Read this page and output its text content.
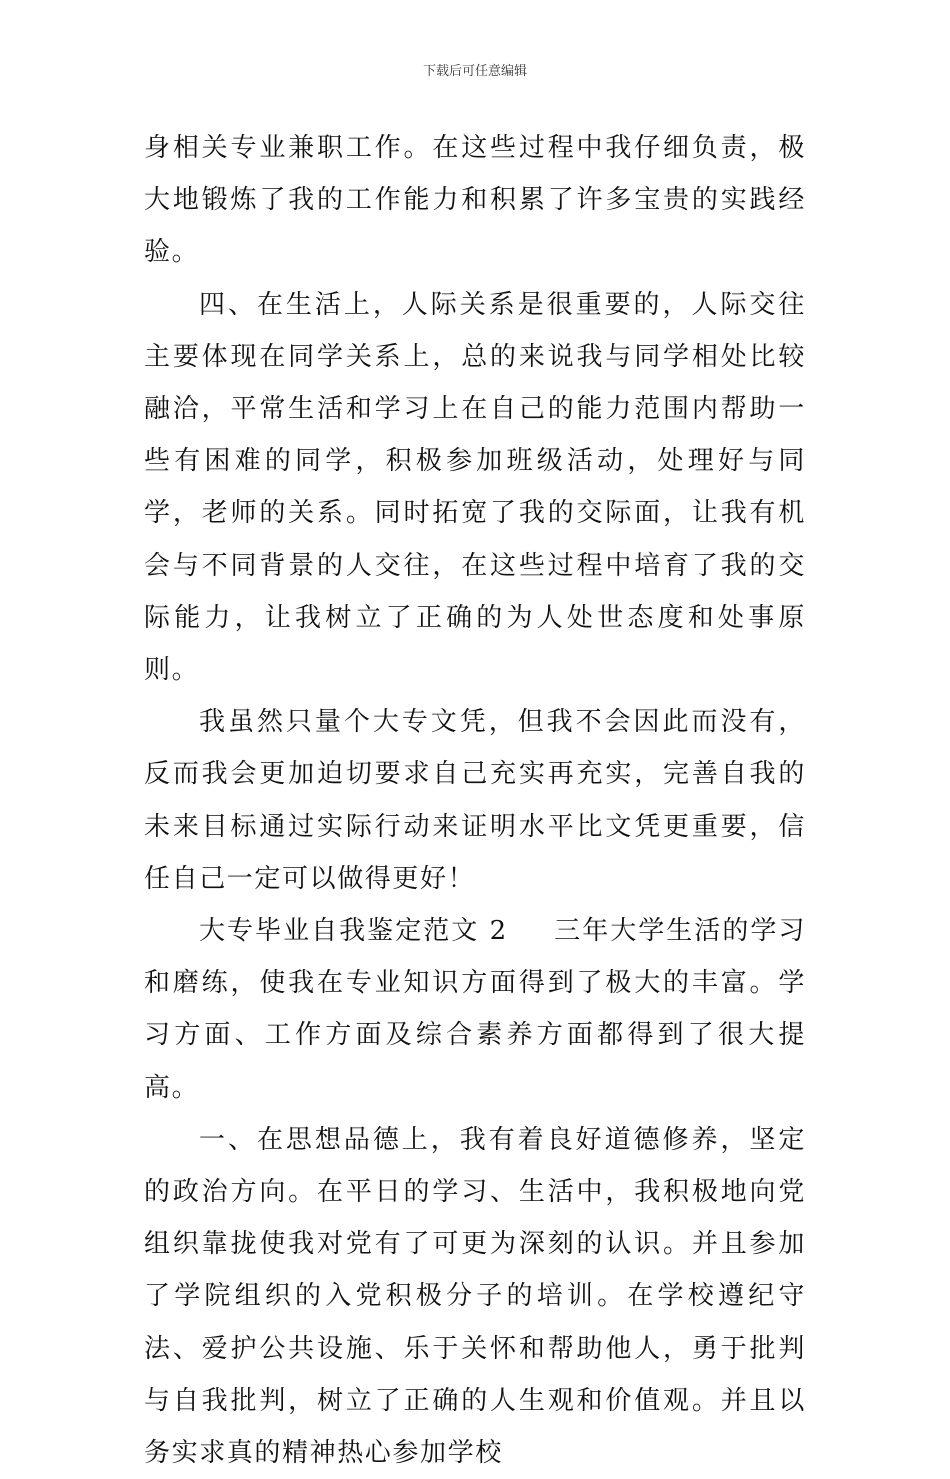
下载后可任意编辑

身相关专业兼职工作。在这些过程中我仔细负责，极大地锻炼了我的工作能力和积累了许多宝贵的实践经验。

四、在生活上，人际关系是很重要的，人际交往主要体现在同学关系上，总的来说我与同学相处比较融洽，平常生活和学习上在自己的能力范围内帮助一些有困难的同学，积极参加班级活动，处理好与同学，老师的关系。同时拓宽了我的交际面，让我有机会与不同背景的人交往，在这些过程中培育了我的交际能力，让我树立了正确的为人处世态度和处事原则。

我虽然只量个大专文凭，但我不会因此而没有，反而我会更加迫切要求自己充实再充实，完善自我的未来目标通过实际行动来证明水平比文凭更重要，信任自己一定可以做得更好！

大专毕业自我鉴定范文 2 三年大学生活的学习和磨练，使我在专业知识方面得到了极大的丰富。学习方面、工作方面及综合素养方面都得到了很大提高。

一、在思想品德上，我有着良好道德修养，坚定的政治方向。在平日的学习、生活中，我积极地向党组织靠拢使我对党有了可更为深刻的认识。并且参加了学院组织的入党积极分子的培训。在学校遵纪守法、爱护公共设施、乐于关怀和帮助他人，勇于批判与自我批判，树立了正确的人生观和价值观。并且以务实求真的精神热心参加学校
